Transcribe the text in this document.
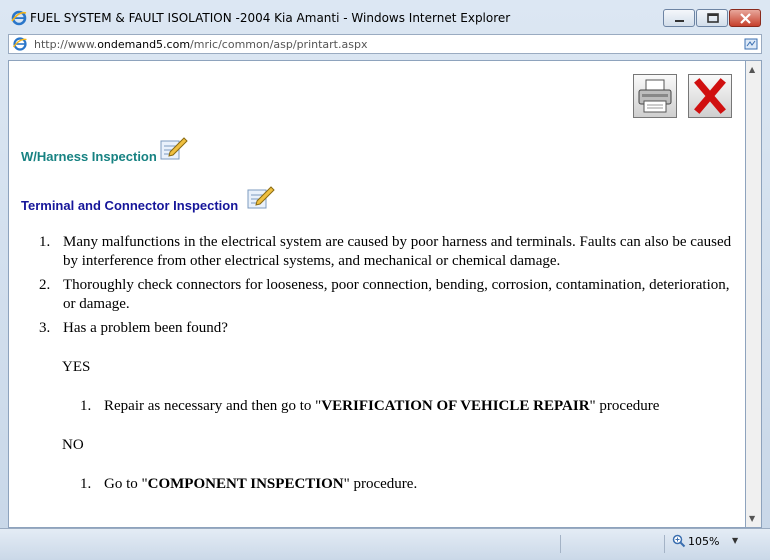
FUEL SYSTEM & FAULT ISOLATION -2004 Kia Amanti - Windows Internet Explorer
http://www.ondemand5.com/mric/common/asp/printart.aspx
W/Harness Inspection
Terminal and Connector Inspection
1. Many malfunctions in the electrical system are caused by poor harness and terminals. Faults can also be caused by interference from other electrical systems, and mechanical or chemical damage.
2. Thoroughly check connectors for looseness, poor connection, bending, corrosion, contamination, deterioration, or damage.
3. Has a problem been found?
YES
1. Repair as necessary and then go to "VERIFICATION OF VEHICLE REPAIR" procedure
NO
1. Go to "COMPONENT INSPECTION" procedure.
▲
▼
105% ▼
